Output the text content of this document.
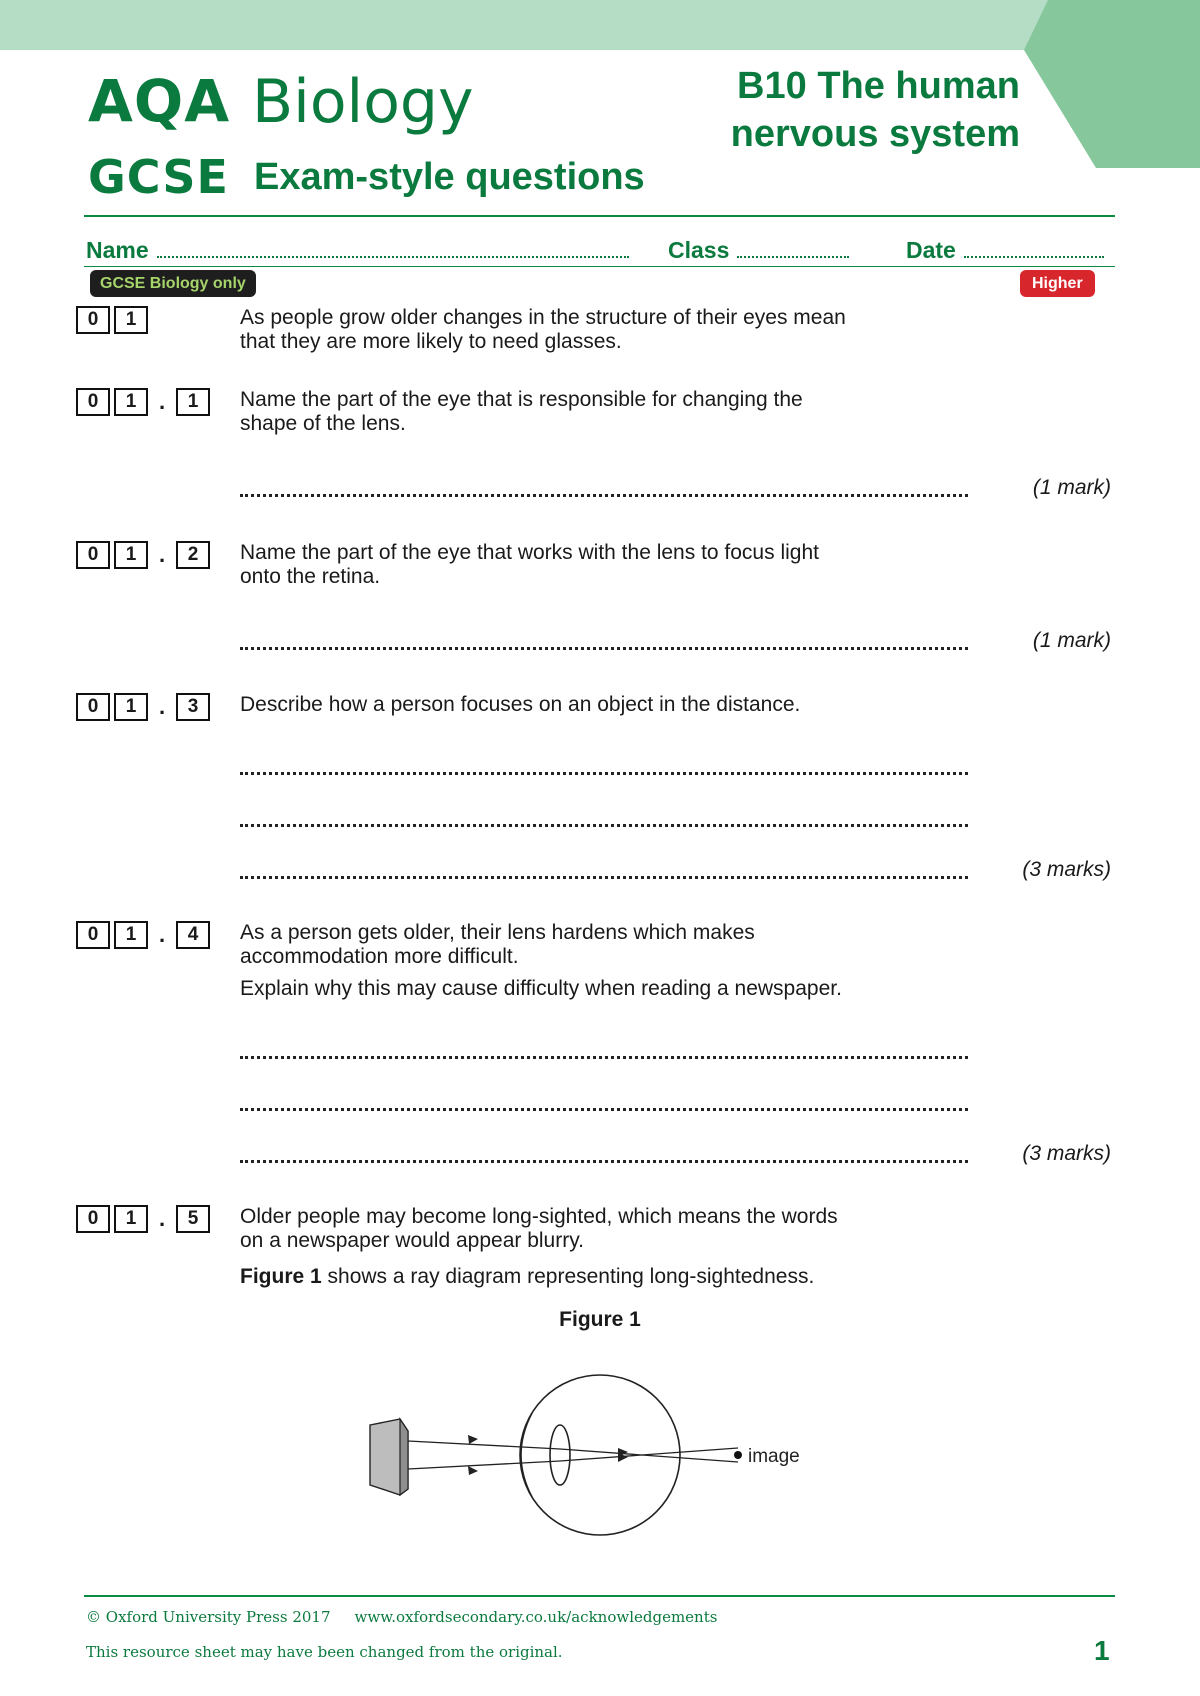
AQA Biology
GCSE Exam-style questions
B10 The human
nervous system
Name	Class	Date
GCSE Biology only	Higher
0	1	As people grow older changes in the structure of their eyes mean
that they are more likely to need glasses.
0	1	.	1	Name the part of the eye that is responsible for changing the
shape of the lens.
(1 mark)
0	1	.	2	Name the part of the eye that works with the lens to focus light
onto the retina.
(1 mark)
0	1	.	3	Describe how a person focuses on an object in the distance.
(3 marks)
0	1	.	4	As a person gets older, their lens hardens which makes
accommodation more difficult.
Explain why this may cause difficulty when reading a newspaper.
(3 marks)
0	1	.	5	Older people may become long-sighted, which means the words
on a newspaper would appear blurry.
Figure 1 shows a ray diagram representing long-sightedness.
Figure 1
image
© Oxford University Press 2017 www.oxfordsecondary.co.uk/acknowledgements
This resource sheet may have been changed from the original.	1
